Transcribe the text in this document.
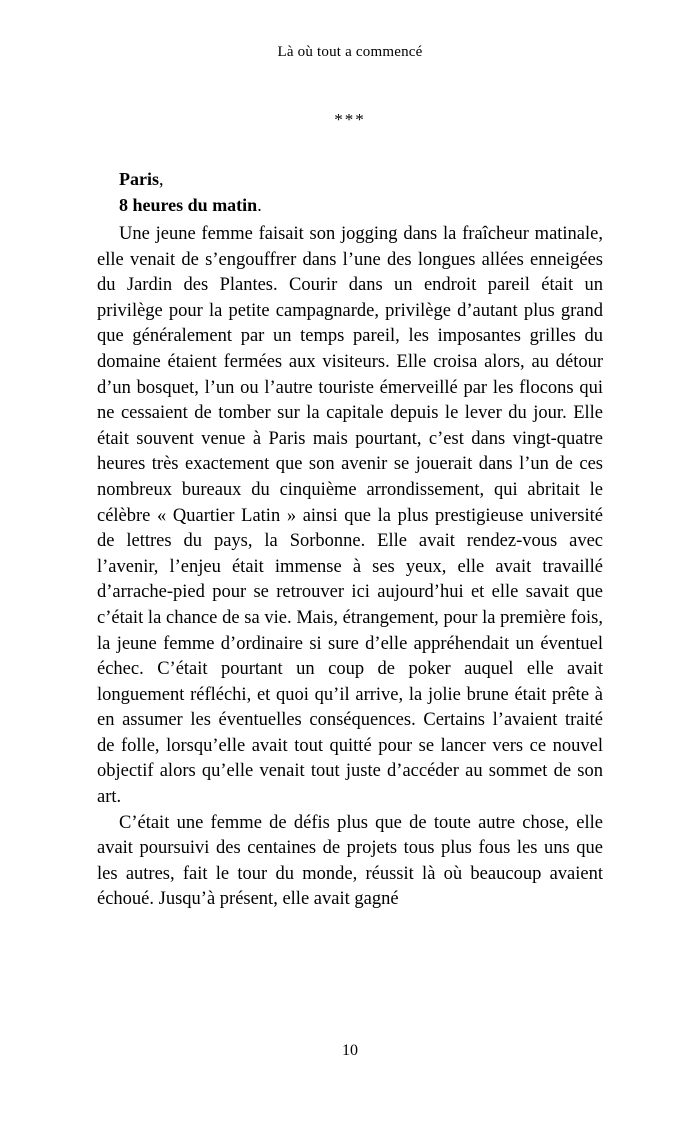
Là où tout a commencé
***
Paris,
8 heures du matin.

Une jeune femme faisait son jogging dans la fraîcheur matinale, elle venait de s’engouffrer dans l’une des longues allées enneigées du Jardin des Plantes. Courir dans un endroit pareil était un privilège pour la petite campagnarde, privilège d’autant plus grand que généralement par un temps pareil, les imposantes grilles du domaine étaient fermées aux visiteurs. Elle croisa alors, au détour d’un bosquet, l’un ou l’autre touriste émerveillé par les flocons qui ne cessaient de tomber sur la capitale depuis le lever du jour. Elle était souvent venue à Paris mais pourtant, c’est dans vingt-quatre heures très exactement que son avenir se jouerait dans l’un de ces nombreux bureaux du cinquième arrondissement, qui abritait le célèbre « Quartier Latin » ainsi que la plus prestigieuse université de lettres du pays, la Sorbonne. Elle avait rendez-vous avec l’avenir, l’enjeu était immense à ses yeux, elle avait travaillé d’arrache-pied pour se retrouver ici aujourd’hui et elle savait que c’était la chance de sa vie. Mais, étrangement, pour la première fois, la jeune femme d’ordinaire si sure d’elle appréhendait un éventuel échec. C’était pourtant un coup de poker auquel elle avait longuement réfléchi, et quoi qu’il arrive, la jolie brune était prête à en assumer les éventuelles conséquences. Certains l’avaient traité de folle, lorsqu’elle avait tout quitté pour se lancer vers ce nouvel objectif alors qu’elle venait tout juste d’accéder au sommet de son art.

C’était une femme de défis plus que de toute autre chose, elle avait poursuivi des centaines de projets tous plus fous les uns que les autres, fait le tour du monde, réussit là où beaucoup avaient échoué. Jusqu’à présent, elle avait gagné

10
